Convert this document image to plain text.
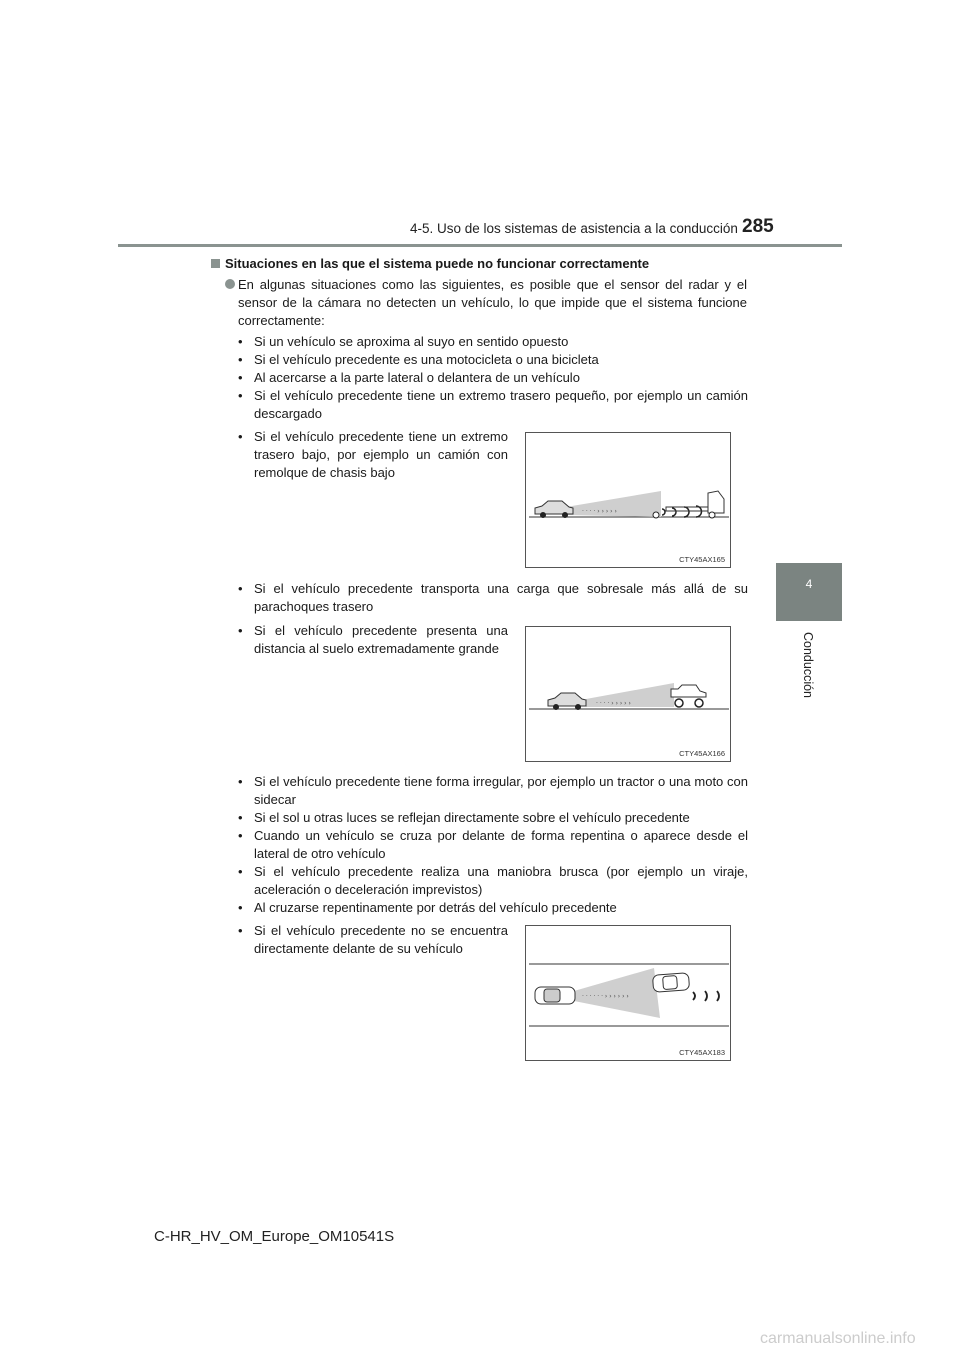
4-5. Uso de los sistemas de asistencia a la conducción 285
4
Conducción
Situaciones en las que el sistema puede no funcionar correctamente
En algunas situaciones como las siguientes, es posible que el sensor del radar y el sensor de la cámara no detecten un vehículo, lo que impide que el sistema funcione correctamente:
• Si un vehículo se aproxima al suyo en sentido opuesto
• Si el vehículo precedente es una motocicleta o una bicicleta
• Al acercarse a la parte lateral o delantera de un vehículo
• Si el vehículo precedente tiene un extremo trasero pequeño, por ejemplo un camión descargado
• Si el vehículo precedente tiene un extremo trasero bajo, por ejemplo un camión con remolque de chasis bajo
· · · · › › › › ›
CTY45AX165
• Si el vehículo precedente transporta una carga que sobresale más allá de su parachoques trasero
• Si el vehículo precedente presenta una distancia al suelo extremadamente grande
· · · · › › › › ›
CTY45AX166
• Si el vehículo precedente tiene forma irregular, por ejemplo un tractor o una moto con sidecar
• Si el sol u otras luces se reflejan directamente sobre el vehículo precedente
• Cuando un vehículo se cruza por delante de forma repentina o aparece desde el lateral de otro vehículo
• Si el vehículo precedente realiza una maniobra brusca (por ejemplo un viraje, aceleración o deceleración imprevistos)
• Al cruzarse repentinamente por detrás del vehículo precedente
• Si el vehículo precedente no se encuentra directamente delante de su vehículo
· · · · · · › › › › › ›
CTY45AX183
C-HR_HV_OM_Europe_OM10541S
carmanualsonline.info
